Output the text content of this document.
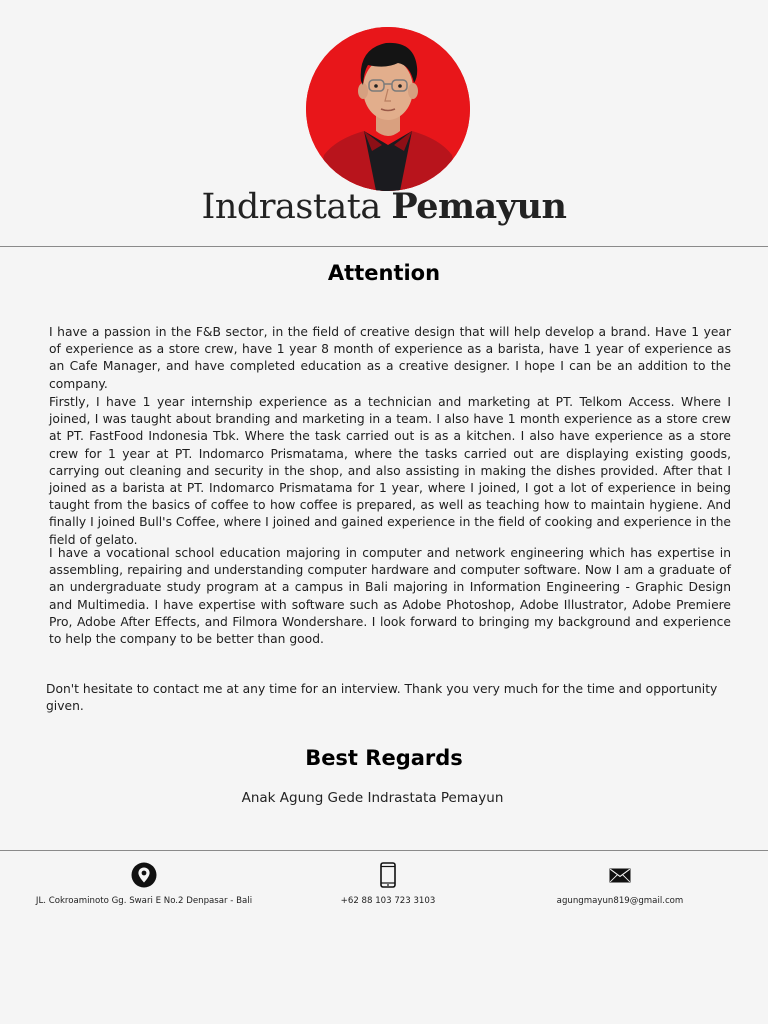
Indrastata Pemayun
Attention

I have a passion in the F&B sector, in the field of creative design that will help develop a brand. Have 1 year of experience as a store crew, have 1 year 8 month of experience as a barista, have 1 year of experience as an Cafe Manager, and have completed education as a creative designer. I hope I can be an addition to the company.

Firstly, I have 1 year internship experience as a technician and marketing at PT. Telkom Access. Where I joined, I was taught about branding and marketing in a team. I also have 1 month experience as a store crew at PT. FastFood Indonesia Tbk. Where the task carried out is as a kitchen. I also have experience as a store crew for 1 year at PT. Indomarco Prismatama, where the tasks carried out are displaying existing goods, carrying out cleaning and security in the shop, and also assisting in making the dishes provided. After that I joined as a barista at PT. Indomarco Prismatama for 1 year, where I joined, I got a lot of experience in being taught from the basics of coffee to how coffee is prepared, as well as teaching how to maintain hygiene. And finally I joined Bull's Coffee, where I joined and gained experience in the field of cooking and experience in the field of gelato.

I have a vocational school education majoring in computer and network engineering which has expertise in assembling, repairing and understanding computer hardware and computer software. Now I am a graduate of an undergraduate study program at a campus in Bali majoring in Information Engineering - Graphic Design and Multimedia. I have expertise with software such as Adobe Photoshop, Adobe Illustrator, Adobe Premiere Pro, Adobe After Effects, and Filmora Wondershare. I look forward to bringing my background and experience to help the company to be better than good.

Don't hesitate to contact me at any time for an interview. Thank you very much for the time and opportunity given.

Best Regards
Anak Agung Gede Indrastata Pemayun
JL. Cokroaminoto Gg. Swari E No.2 Denpasar - Bali	+62 88 103 723 3103	agungmayun819@gmail.com
